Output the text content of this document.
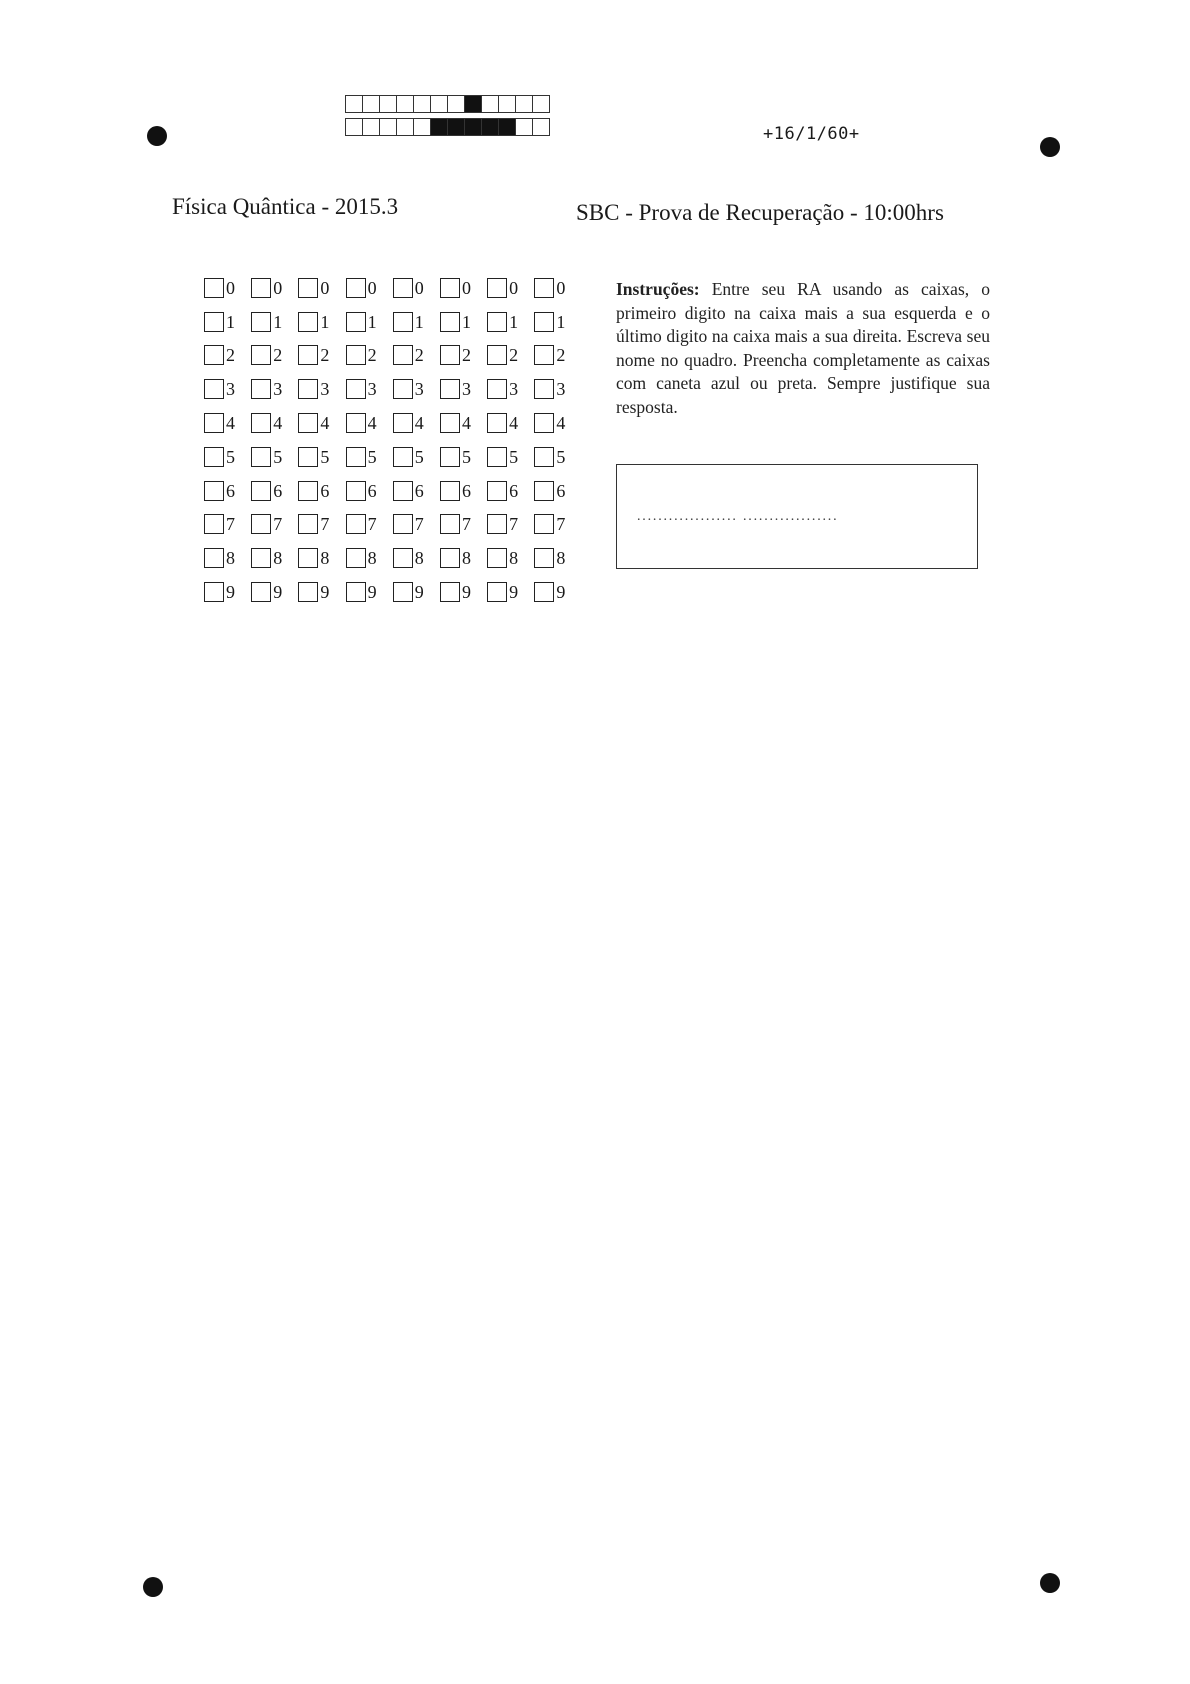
+16/1/60+
Física Quântica - 2015.3	SBC - Prova de Recuperação - 10:00hrs
0 0 0 0 0 0 0 0
1 1 1 1 1 1 1 1
2 2 2 2 2 2 2 2
3 3 3 3 3 3 3 3
4 4 4 4 4 4 4 4
5 5 5 5 5 5 5 5
6 6 6 6 6 6 6 6
7 7 7 7 7 7 7 7
8 8 8 8 8 8 8 8
9 9 9 9 9 9 9 9
Instruções: Entre seu RA usando as caixas, o primeiro digito na caixa mais a sua esquerda e o último digito na caixa mais a sua direita. Escreva seu nome no quadro. Preencha completamente as caixas com caneta azul ou preta. Sempre justifique sua resposta.
................... ..................
